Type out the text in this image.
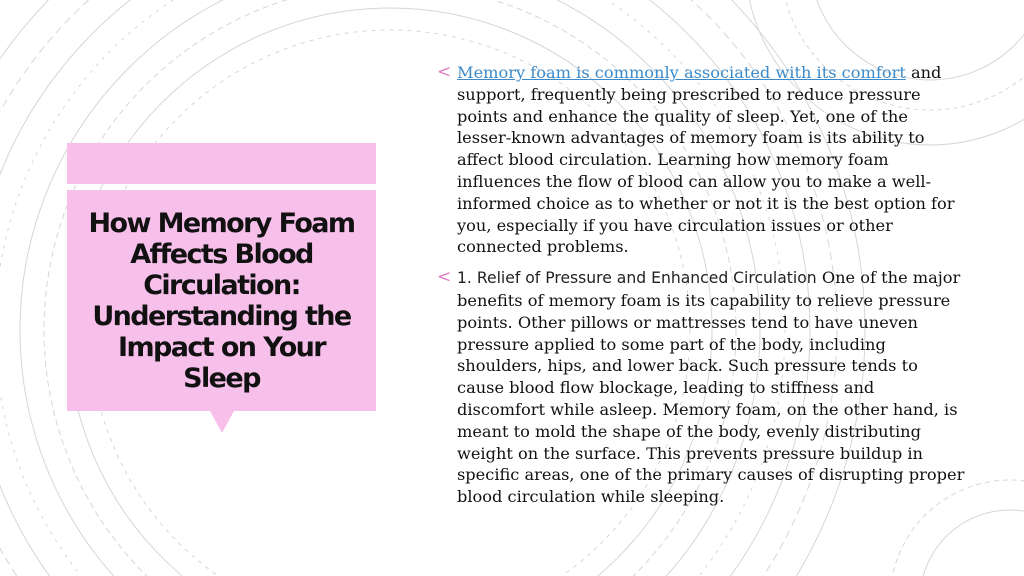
How Memory Foam Affects Blood Circulation: Understanding the Impact on Your Sleep

< Memory foam is commonly associated with its comfort and support, frequently being prescribed to reduce pressure points and enhance the quality of sleep. Yet, one of the lesser-known advantages of memory foam is its ability to affect blood circulation. Learning how memory foam influences the flow of blood can allow you to make a well-informed choice as to whether or not it is the best option for you, especially if you have circulation issues or other connected problems.

< 1. Relief of Pressure and Enhanced Circulation One of the major benefits of memory foam is its capability to relieve pressure points. Other pillows or mattresses tend to have uneven pressure applied to some part of the body, including shoulders, hips, and lower back. Such pressure tends to cause blood flow blockage, leading to stiffness and discomfort while asleep. Memory foam, on the other hand, is meant to mold the shape of the body, evenly distributing weight on the surface. This prevents pressure buildup in specific areas, one of the primary causes of disrupting proper blood circulation while sleeping.
